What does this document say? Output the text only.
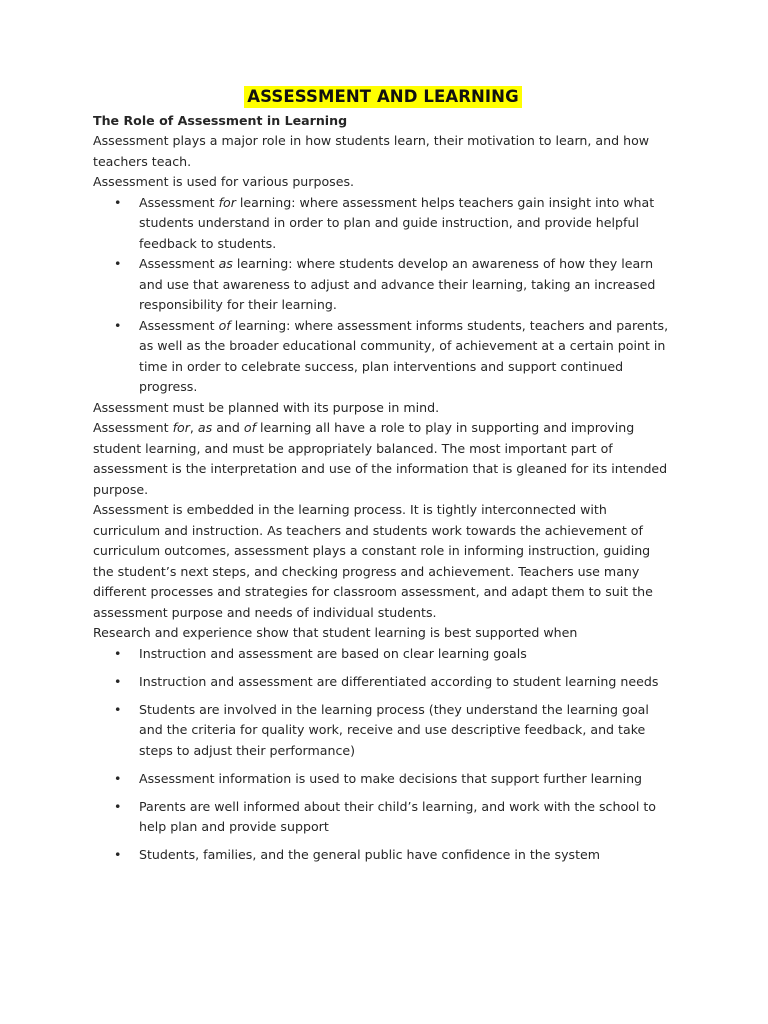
ASSESSMENT AND LEARNING

The Role of Assessment in Learning

Assessment plays a major role in how students learn, their motivation to learn, and how teachers teach.

Assessment is used for various purposes.

• Assessment for learning: where assessment helps teachers gain insight into what students understand in order to plan and guide instruction, and provide helpful feedback to students.
• Assessment as learning: where students develop an awareness of how they learn and use that awareness to adjust and advance their learning, taking an increased responsibility for their learning.
• Assessment of learning: where assessment informs students, teachers and parents, as well as the broader educational community, of achievement at a certain point in time in order to celebrate success, plan interventions and support continued progress.

Assessment must be planned with its purpose in mind.

Assessment for, as and of learning all have a role to play in supporting and improving student learning, and must be appropriately balanced. The most important part of assessment is the interpretation and use of the information that is gleaned for its intended purpose.

Assessment is embedded in the learning process. It is tightly interconnected with curriculum and instruction. As teachers and students work towards the achievement of curriculum outcomes, assessment plays a constant role in informing instruction, guiding the student’s next steps, and checking progress and achievement. Teachers use many different processes and strategies for classroom assessment, and adapt them to suit the assessment purpose and needs of individual students.

Research and experience show that student learning is best supported when

• Instruction and assessment are based on clear learning goals
• Instruction and assessment are differentiated according to student learning needs
• Students are involved in the learning process (they understand the learning goal and the criteria for quality work, receive and use descriptive feedback, and take steps to adjust their performance)
• Assessment information is used to make decisions that support further learning
• Parents are well informed about their child’s learning, and work with the school to help plan and provide support
• Students, families, and the general public have confidence in the system
